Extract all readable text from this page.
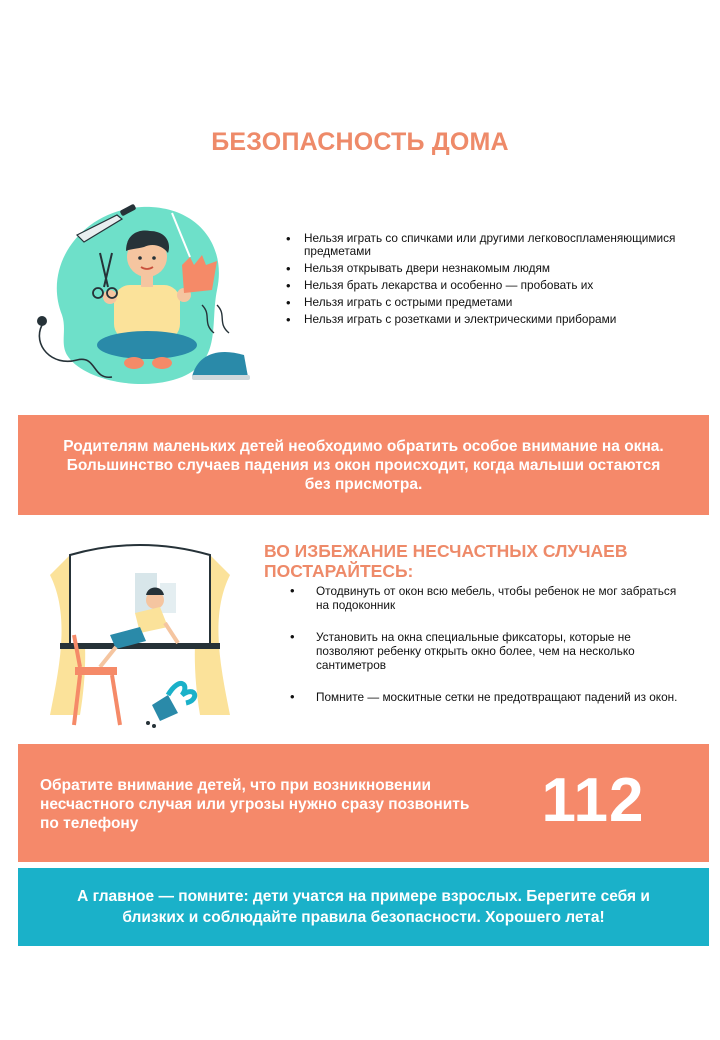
БЕЗОПАСНОСТЬ ДОМА
• Нельзя играть со спичками или другими легковоспламеняющимися предметами
• Нельзя открывать двери незнакомым людям
• Нельзя брать лекарства и особенно — пробовать их
• Нельзя играть с острыми предметами
• Нельзя играть с розетками и электрическими приборами
Родителям маленьких детей необходимо обратить особое внимание на окна. Большинство случаев падения из окон происходит, когда малыши остаются без присмотра.
ВО ИЗБЕЖАНИЕ НЕСЧАСТНЫХ СЛУЧАЕВ ПОСТАРАЙТЕСЬ:
• Отодвинуть от окон всю мебель, чтобы ребенок не мог забраться на подоконник
• Установить на окна специальные фиксаторы, которые не позволяют ребенку открыть окно более, чем на несколько сантиметров
• Помните — москитные сетки не предотвращают падений из окон.
Обратите внимание детей, что при возникновении несчастного случая или угрозы нужно сразу позвонить по телефону	112
А главное — помните: дети учатся на примере взрослых. Берегите себя и близких и соблюдайте правила безопасности. Хорошего лета!
